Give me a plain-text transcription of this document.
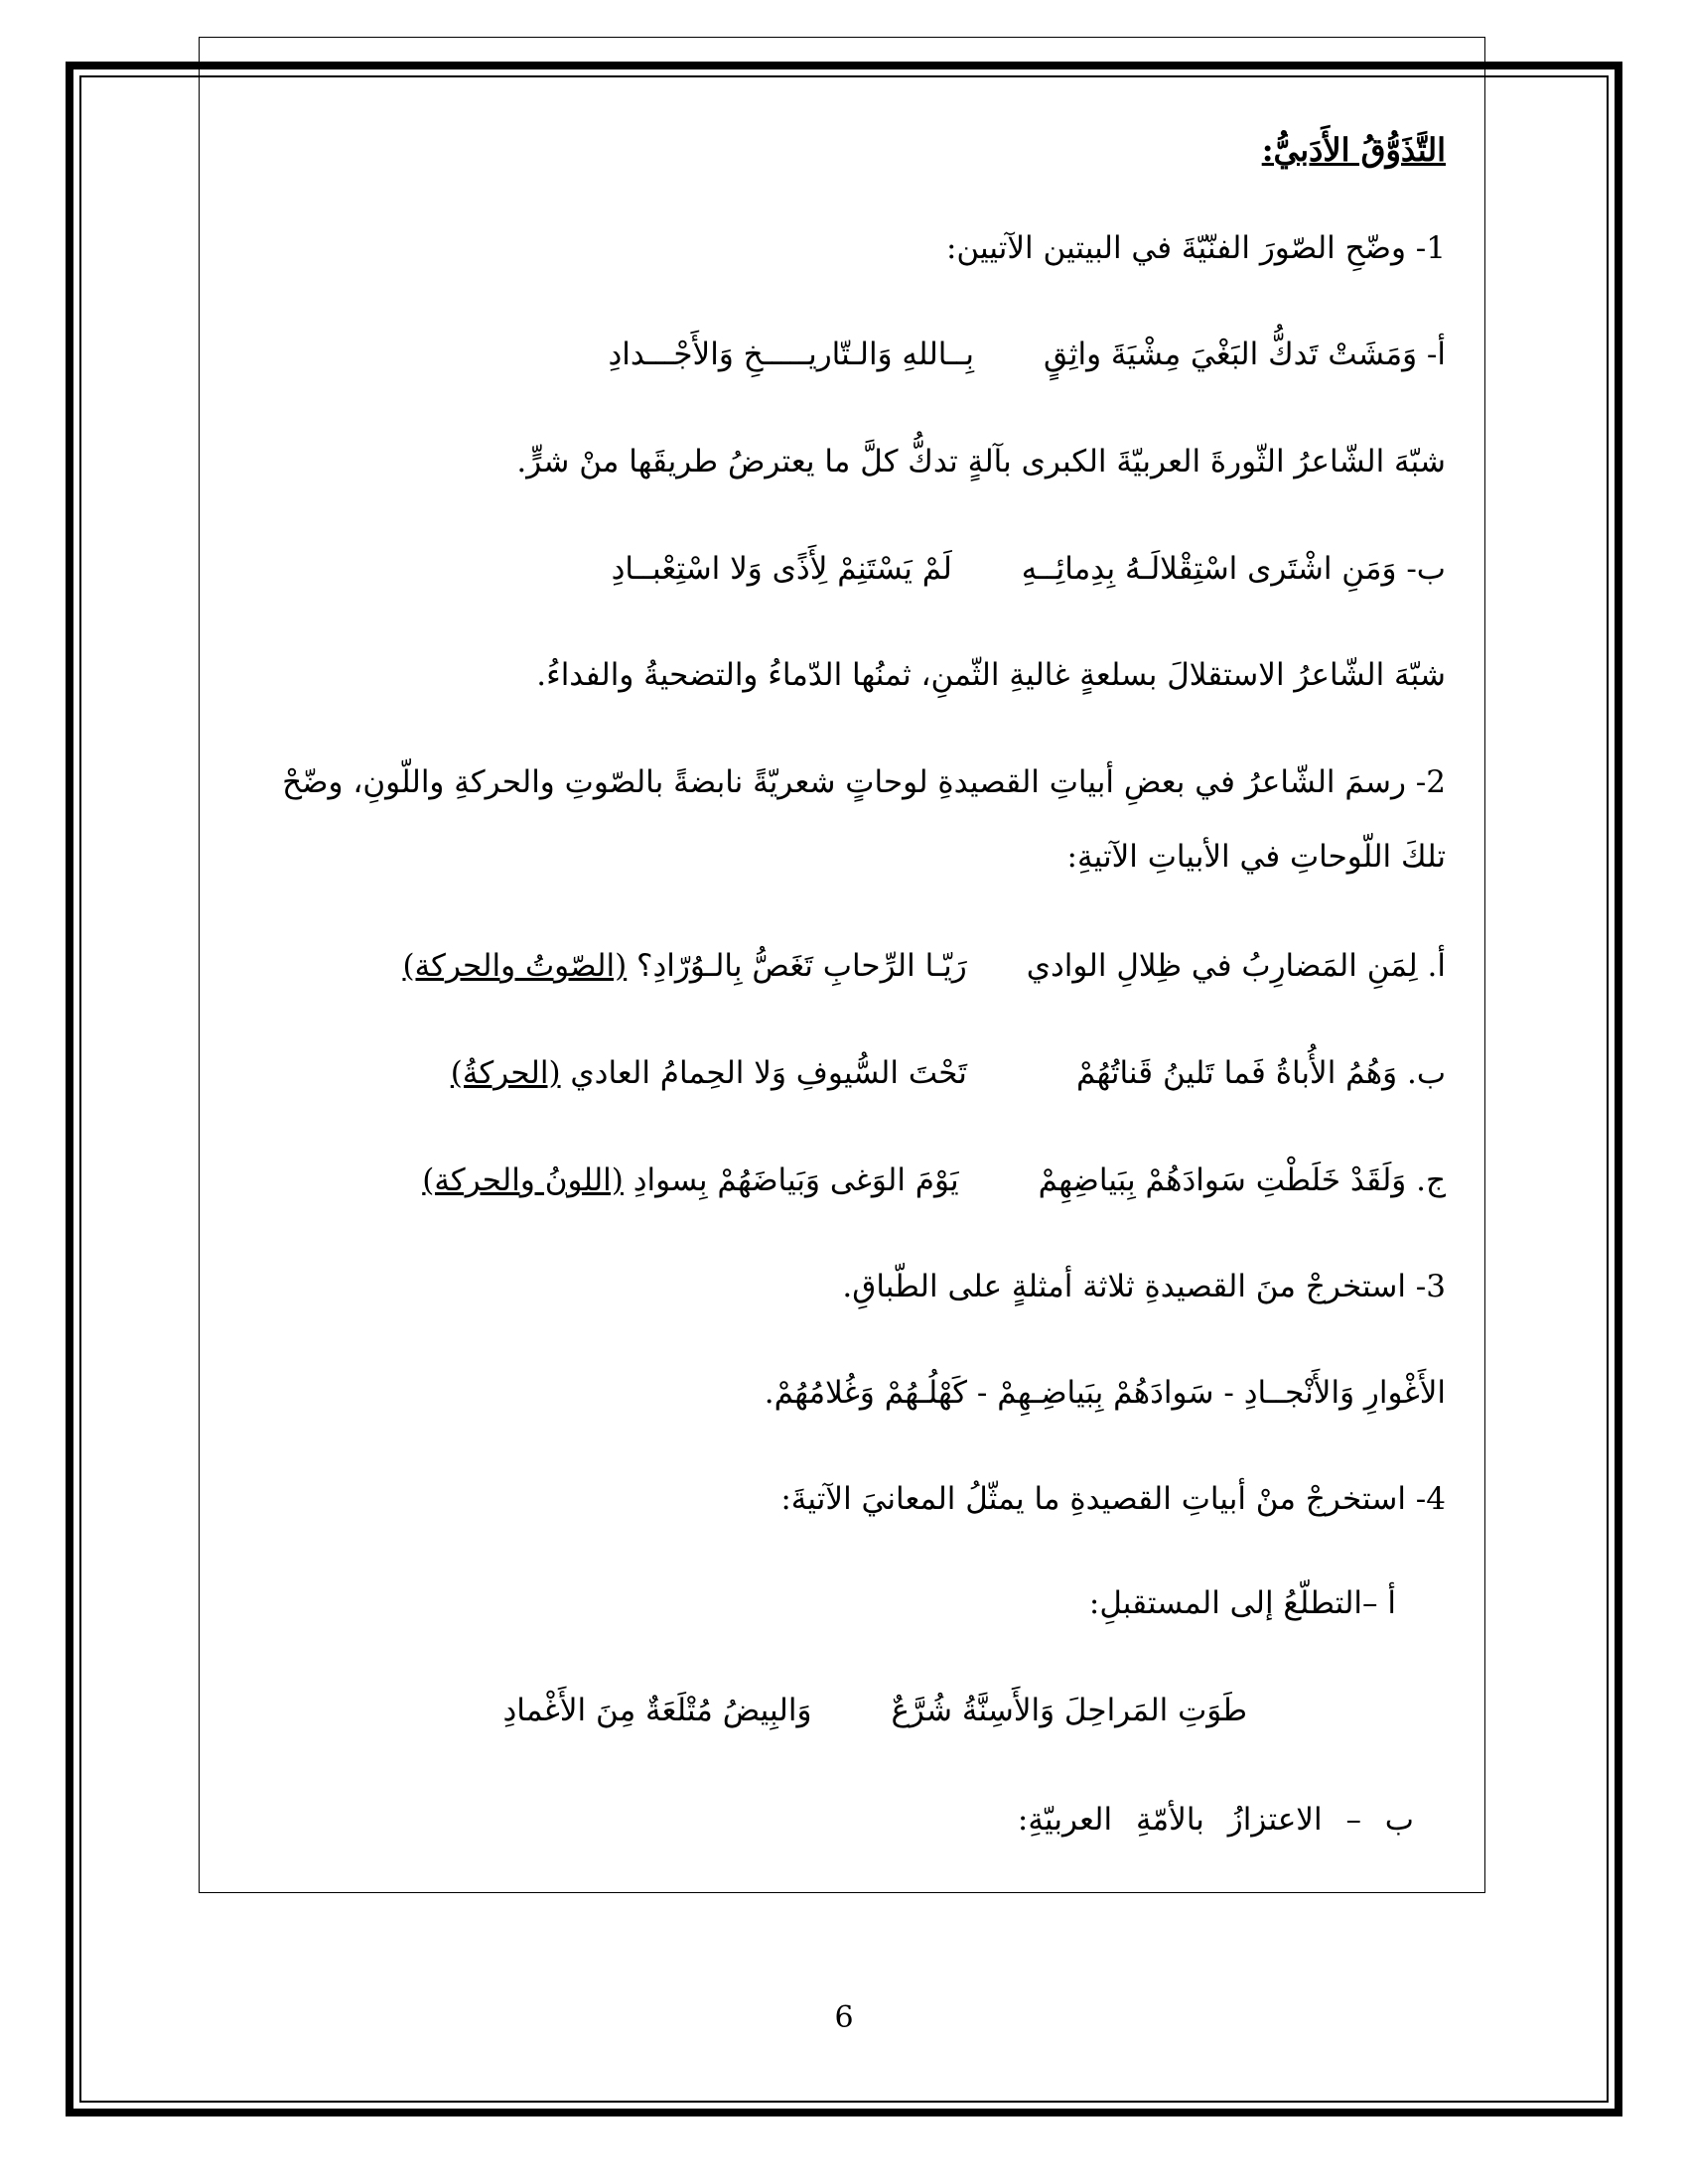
التَّذَوُّقُ الأَدَبيُّ:
1- وضّحِ الصّورَ الفنّيّةَ في البيتين الآتيين:
أ- وَمَشَتْ تَدكُّ البَغْيَ مِشْيَةَ واثِقٍ
بِــاللهِ وَالـتّاريـــــخِ وَالأَجْـــدادِ
شبّهَ الشّاعرُ الثّورةَ العربيّةَ الكبرى بآلةٍ تدكُّ كلَّ ما يعترضُ طريقَها منْ شرٍّ.
ب- وَمَنِ اشْتَرى اسْتِقْلالَـهُ بِدِمائِــهِ
لَمْ يَسْتَنِمْ لِأَذًى وَلا اسْتِعْبــادِ
شبّهَ الشّاعرُ الاستقلالَ بسلعةٍ غاليةِ الثّمنِ، ثمنُها الدّماءُ والتضحيةُ والفداءُ.
2- رسمَ الشّاعرُ في بعضِ أبياتِ القصيدةِ لوحاتٍ شعريّةً نابضةً بالصّوتِ والحركةِ واللّونِ، وضّحْ
تلكَ اللّوحاتِ في الأبياتِ الآتيةِ:
أ. لِمَنِ المَضارِبُ في ظِلالِ الوادي
رَيّـا الرِّحابِ تَغَصُّ بِالـوُرّادِ؟ (الصّوتُ والحركة)
ب. وَهُمُ الأُباةُ فَما تَلينُ قَناتُهُمْ
تَحْتَ السُّيوفِ وَلا الحِمامُ العادي (الحركةُ)
ج. وَلَقَدْ خَلَطْتِ سَوادَهُمْ بِبَياضِهِمْ
يَوْمَ الوَغى وَبَياضَهُمْ بِسوادِ (اللونُ والحركة)
3- استخرجْ منَ القصيدةِ ثلاثة أمثلةٍ على الطّباقِ.
الأَغْوارِ وَالأَنْجــادِ - سَوادَهُمْ بِبَياضِـهِمْ - كَهْلُـهُمْ وَغُلامُهُمْ.
4- استخرجْ منْ أبياتِ القصيدةِ ما يمثّلُ المعانيَ الآتيةَ:
أ –التطلّعُ إلى المستقبلِ:
طَوَتِ المَراحِلَ وَالأَسِنَّةُ شُرَّعٌ
وَالبِيضُ مُتْلَعَةٌ مِنَ الأَغْمادِ
ب – الاعتزازُ بالأمّةِ العربيّةِ:
6
